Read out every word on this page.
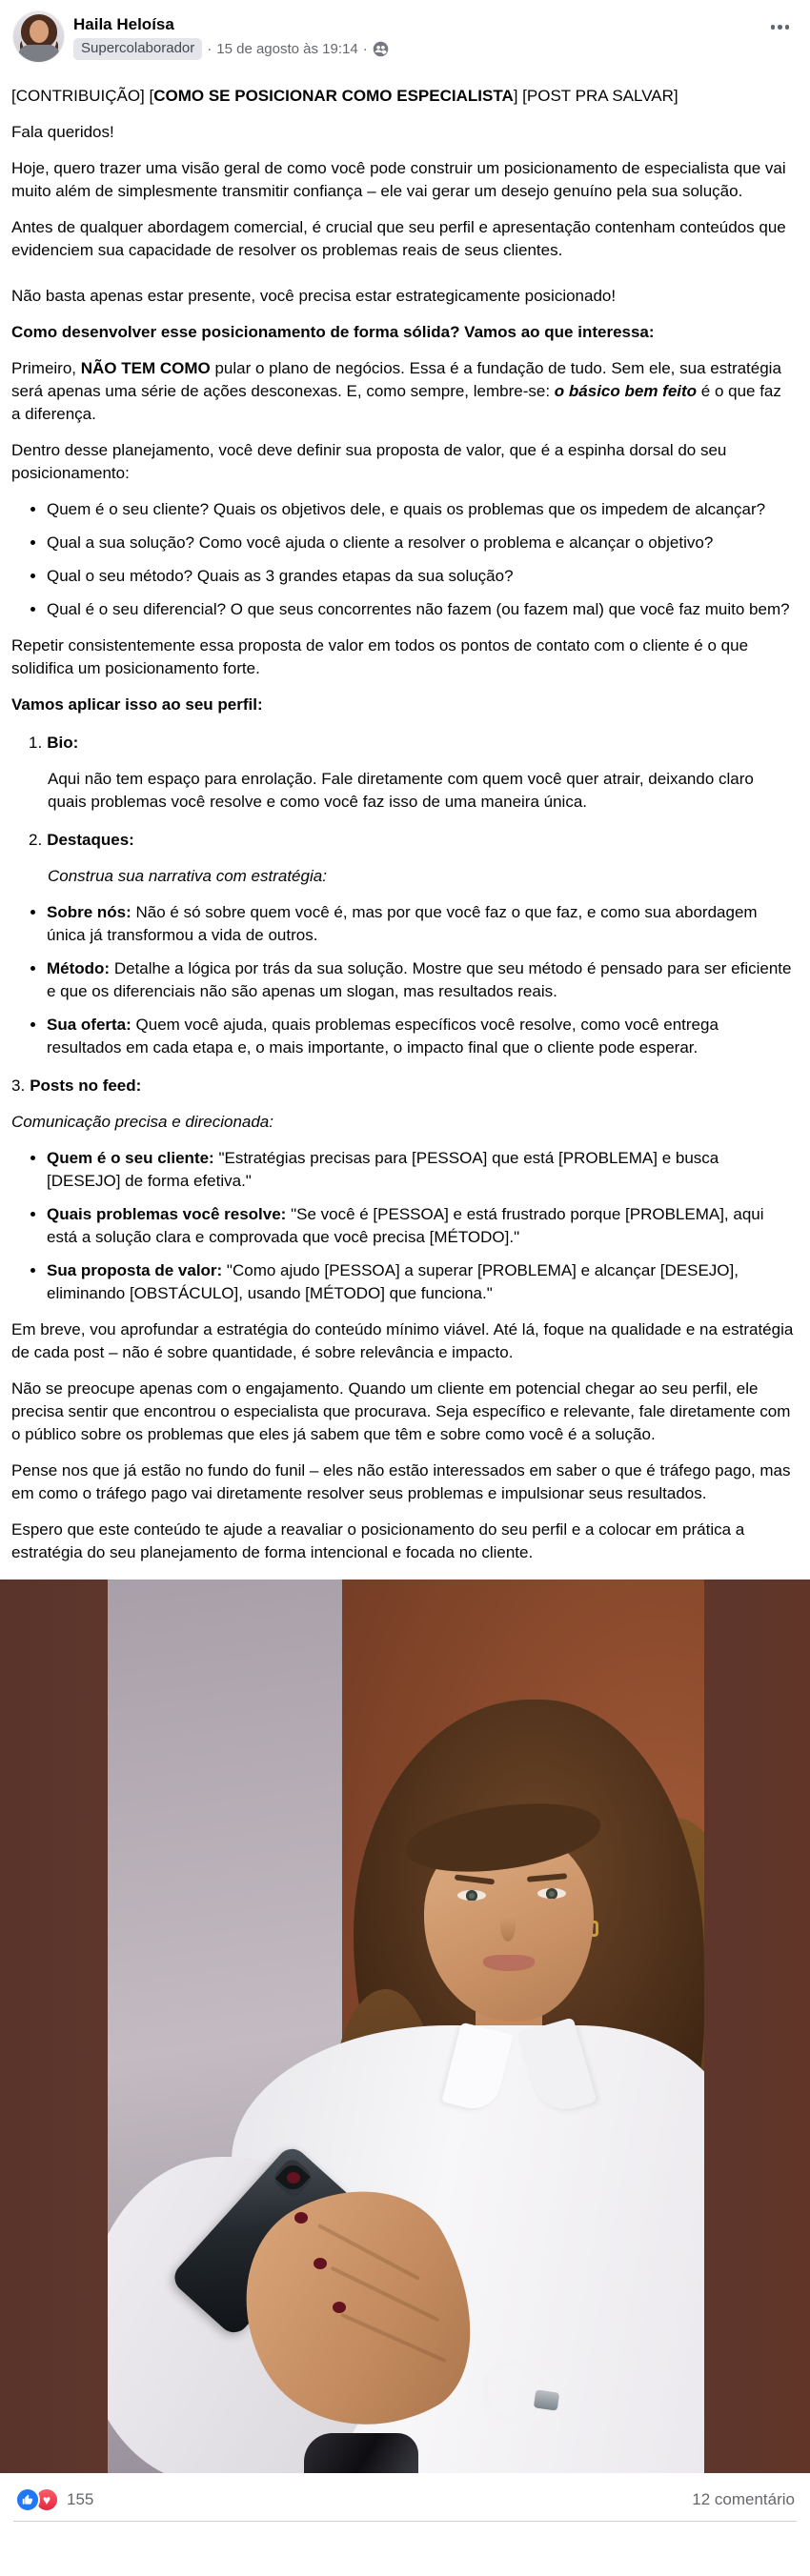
Haila Heloísa
Supercolaborador · 15 de agosto às 19:14 ·

[CONTRIBUIÇÃO] [COMO SE POSICIONAR COMO ESPECIALISTA] [POST PRA SALVAR]

Fala queridos!

Hoje, quero trazer uma visão geral de como você pode construir um posicionamento de especialista que vai muito além de simplesmente transmitir confiança – ele vai gerar um desejo genuíno pela sua solução.

Antes de qualquer abordagem comercial, é crucial que seu perfil e apresentação contenham conteúdos que evidenciem sua capacidade de resolver os problemas reais de seus clientes.

Não basta apenas estar presente, você precisa estar estrategicamente posicionado!

Como desenvolver esse posicionamento de forma sólida? Vamos ao que interessa:

Primeiro, NÃO TEM COMO pular o plano de negócios. Essa é a fundação de tudo. Sem ele, sua estratégia será apenas uma série de ações desconexas. E, como sempre, lembre-se: o básico bem feito é o que faz a diferença.

Dentro desse planejamento, você deve definir sua proposta de valor, que é a espinha dorsal do seu posicionamento:

• Quem é o seu cliente? Quais os objetivos dele, e quais os problemas que os impedem de alcançar?
• Qual a sua solução? Como você ajuda o cliente a resolver o problema e alcançar o objetivo?
• Qual o seu método? Quais as 3 grandes etapas da sua solução?
• Qual é o seu diferencial? O que seus concorrentes não fazem (ou fazem mal) que você faz muito bem?

Repetir consistentemente essa proposta de valor em todos os pontos de contato com o cliente é o que solidifica um posicionamento forte.

Vamos aplicar isso ao seu perfil:

1. Bio:

Aqui não tem espaço para enrolação. Fale diretamente com quem você quer atrair, deixando claro quais problemas você resolve e como você faz isso de uma maneira única.

2. Destaques:

Construa sua narrativa com estratégia:

• Sobre nós: Não é só sobre quem você é, mas por que você faz o que faz, e como sua abordagem única já transformou a vida de outros.
• Método: Detalhe a lógica por trás da sua solução. Mostre que seu método é pensado para ser eficiente e que os diferenciais não são apenas um slogan, mas resultados reais.
• Sua oferta: Quem você ajuda, quais problemas específicos você resolve, como você entrega resultados em cada etapa e, o mais importante, o impacto final que o cliente pode esperar.
3. Posts no feed:

Comunicação precisa e direcionada:

• Quem é o seu cliente: "Estratégias precisas para [PESSOA] que está [PROBLEMA] e busca [DESEJO] de forma efetiva."
• Quais problemas você resolve: "Se você é [PESSOA] e está frustrado porque [PROBLEMA], aqui está a solução clara e comprovada que você precisa [MÉTODO]."
• Sua proposta de valor: "Como ajudo [PESSOA] a superar [PROBLEMA] e alcançar [DESEJO], eliminando [OBSTÁCULO], usando [MÉTODO] que funciona."

Em breve, vou aprofundar a estratégia do conteúdo mínimo viável. Até lá, foque na qualidade e na estratégia de cada post – não é sobre quantidade, é sobre relevância e impacto.

Não se preocupe apenas com o engajamento. Quando um cliente em potencial chegar ao seu perfil, ele precisa sentir que encontrou o especialista que procurava. Seja específico e relevante, fale diretamente com o público sobre os problemas que eles já sabem que têm e sobre como você é a solução.

Pense nos que já estão no fundo do funil – eles não estão interessados em saber o que é tráfego pago, mas em como o tráfego pago vai diretamente resolver seus problemas e impulsionar seus resultados.

Espero que este conteúdo te ajude a reavaliar o posicionamento do seu perfil e a colocar em prática a estratégia do seu planejamento de forma intencional e focada no cliente.

♥ 155	12 comentário
